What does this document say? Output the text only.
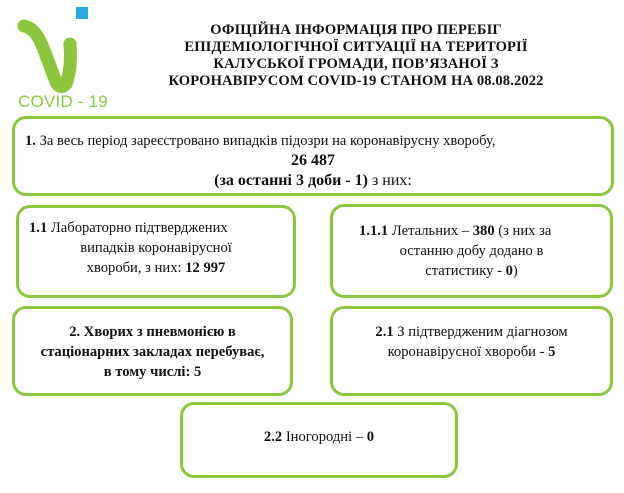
COVID - 19
ОФІЦІЙНА ІНФОРМАЦІЯ ПРО ПЕРЕБІГ
ЕПІДЕМІОЛОГІЧНОЇ СИТУАЦІЇ НА ТЕРИТОРІЇ
КАЛУСЬКОЇ ГРОМАДИ, ПОВ’ЯЗАНОЇ З
КОРОНАВІРУСОМ COVID-19 СТАНОМ НА 08.08.2022
1. За весь період зареєстровано випадків підозри на коронавірусну хворобу,
26 487
(за останні 3 доби - 1) з них:
1.1 Лабораторно підтверджених
випадків коронавірусної
хвороби, з них: 12 997
1.1.1 Летальних – 380 (з них за
останню добу додано в
статистику - 0)
2. Хворих з пневмонією в
стаціонарних закладах перебуває,
в тому числі: 5
2.1 З підтвердженим діагнозом
коронавірусної хвороби - 5
2.2 Іногородні – 0
